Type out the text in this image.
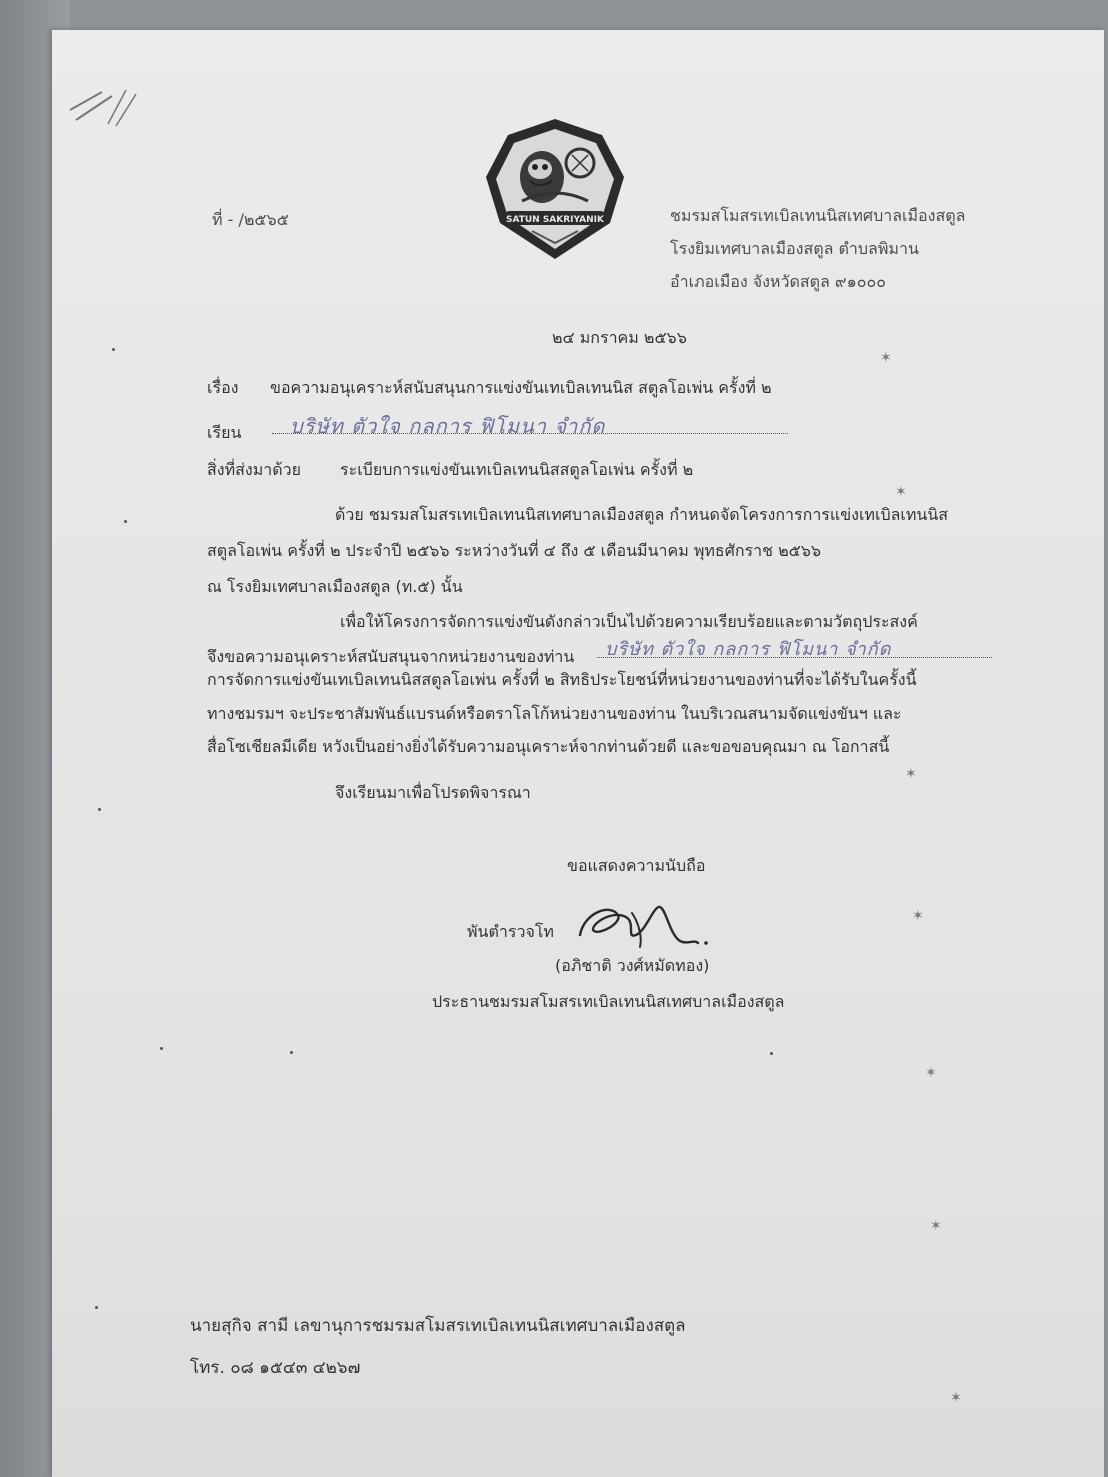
SATUN SAKRIYANIK
ที่ - /๒๕๖๕	ชมรมสโมสรเทเบิลเทนนิสเทศบาลเมืองสตูล
โรงยิมเทศบาลเมืองสตูล ตำบลพิมาน
อำเภอเมือง จังหวัดสตูล ๙๑๐๐๐
๒๔ มกราคม ๒๕๖๖
เรื่อง ขอความอนุเคราะห์สนับสนุนการแข่งขันเทเบิลเทนนิส สตูลโอเพ่น ครั้งที่ ๒
เรียน บริษัท ตัวใจ กลการ ฟิโมนา จำกัด
สิ่งที่ส่งมาด้วย ระเบียบการแข่งขันเทเบิลเทนนิสสตูลโอเพ่น ครั้งที่ ๒
ด้วย ชมรมสโมสรเทเบิลเทนนิสเทศบาลเมืองสตูล กำหนดจัดโครงการการแข่งเทเบิลเทนนิส
สตูลโอเพ่น ครั้งที่ ๒ ประจำปี ๒๕๖๖ ระหว่างวันที่ ๔ ถึง ๕ เดือนมีนาคม พุทธศักราช ๒๕๖๖
ณ โรงยิมเทศบาลเมืองสตูล (ท.๕) นั้น
เพื่อให้โครงการจัดการแข่งขันดังกล่าวเป็นไปด้วยความเรียบร้อยและตามวัตถุประสงค์
จึงขอความอนุเคราะห์สนับสนุนจากหน่วยงานของท่าน บริษัท ตัวใจ กลการ ฟิโมนา จำกัด
การจัดการแข่งขันเทเบิลเทนนิสสตูลโอเพ่น ครั้งที่ ๒ สิทธิประโยชน์ที่หน่วยงานของท่านที่จะได้รับในครั้งนี้
ทางชมรมฯ จะประชาสัมพันธ์แบรนด์หรือตราโลโก้หน่วยงานของท่าน ในบริเวณสนามจัดแข่งขันฯ และ
สื่อโซเชียลมีเดีย หวังเป็นอย่างยิ่งได้รับความอนุเคราะห์จากท่านด้วยดี และขอขอบคุณมา ณ โอกาสนี้
จึงเรียนมาเพื่อโปรดพิจารณา
ขอแสดงความนับถือ
พันตำรวจโท
(อภิชาติ วงศ์หมัดทอง)
ประธานชมรมสโมสรเทเบิลเทนนิสเทศบาลเมืองสตูล
นายสุกิจ สามี เลขานุการชมรมสโมสรเทเบิลเทนนิสเทศบาลเมืองสตูล
โทร. ๐๘ ๑๕๔๓ ๔๒๖๗
✶
✶
✶
✶
✶
✶
✶
